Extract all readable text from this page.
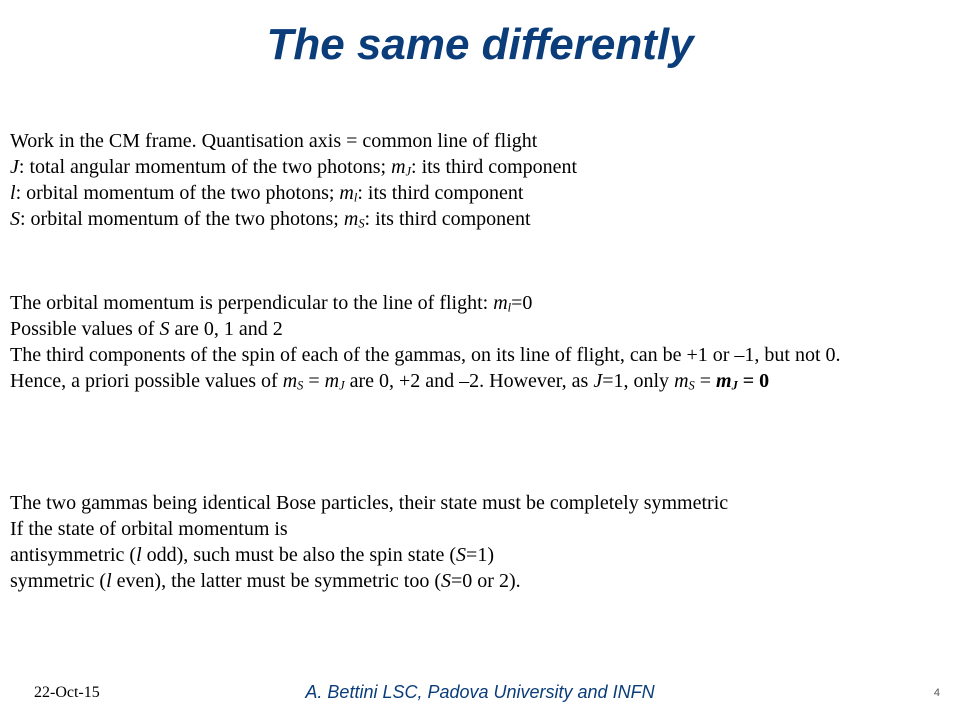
The same differently
Work in the CM frame. Quantisation axis = common line of flight
J: total angular momentum of the two photons; $m_J$: its third component
l: orbital momentum of the two photons; $m_l$: its third component
S: orbital momentum of the two photons; $m_S$: its third component
The orbital momentum is perpendicular to the line of flight: $m_l=0$
Possible values of S are 0, 1 and 2
The third components of the spin of each of the gammas, on its line of flight, can be +1 or –1, but not 0.
Hence, a priori possible values of $m_S = m_J$ are 0, +2 and –2. However, as J=1, only $m_S = m_J = 0$
The two gammas being identical Bose particles, their state must be completely symmetric
If the state of orbital momentum is
antisymmetric (l odd), such must be also the spin state (S=1)
symmetric (l even), the latter must be symmetric too (S=0 or 2).
22-Oct-15	A. Bettini LSC, Padova University and INFN	4
